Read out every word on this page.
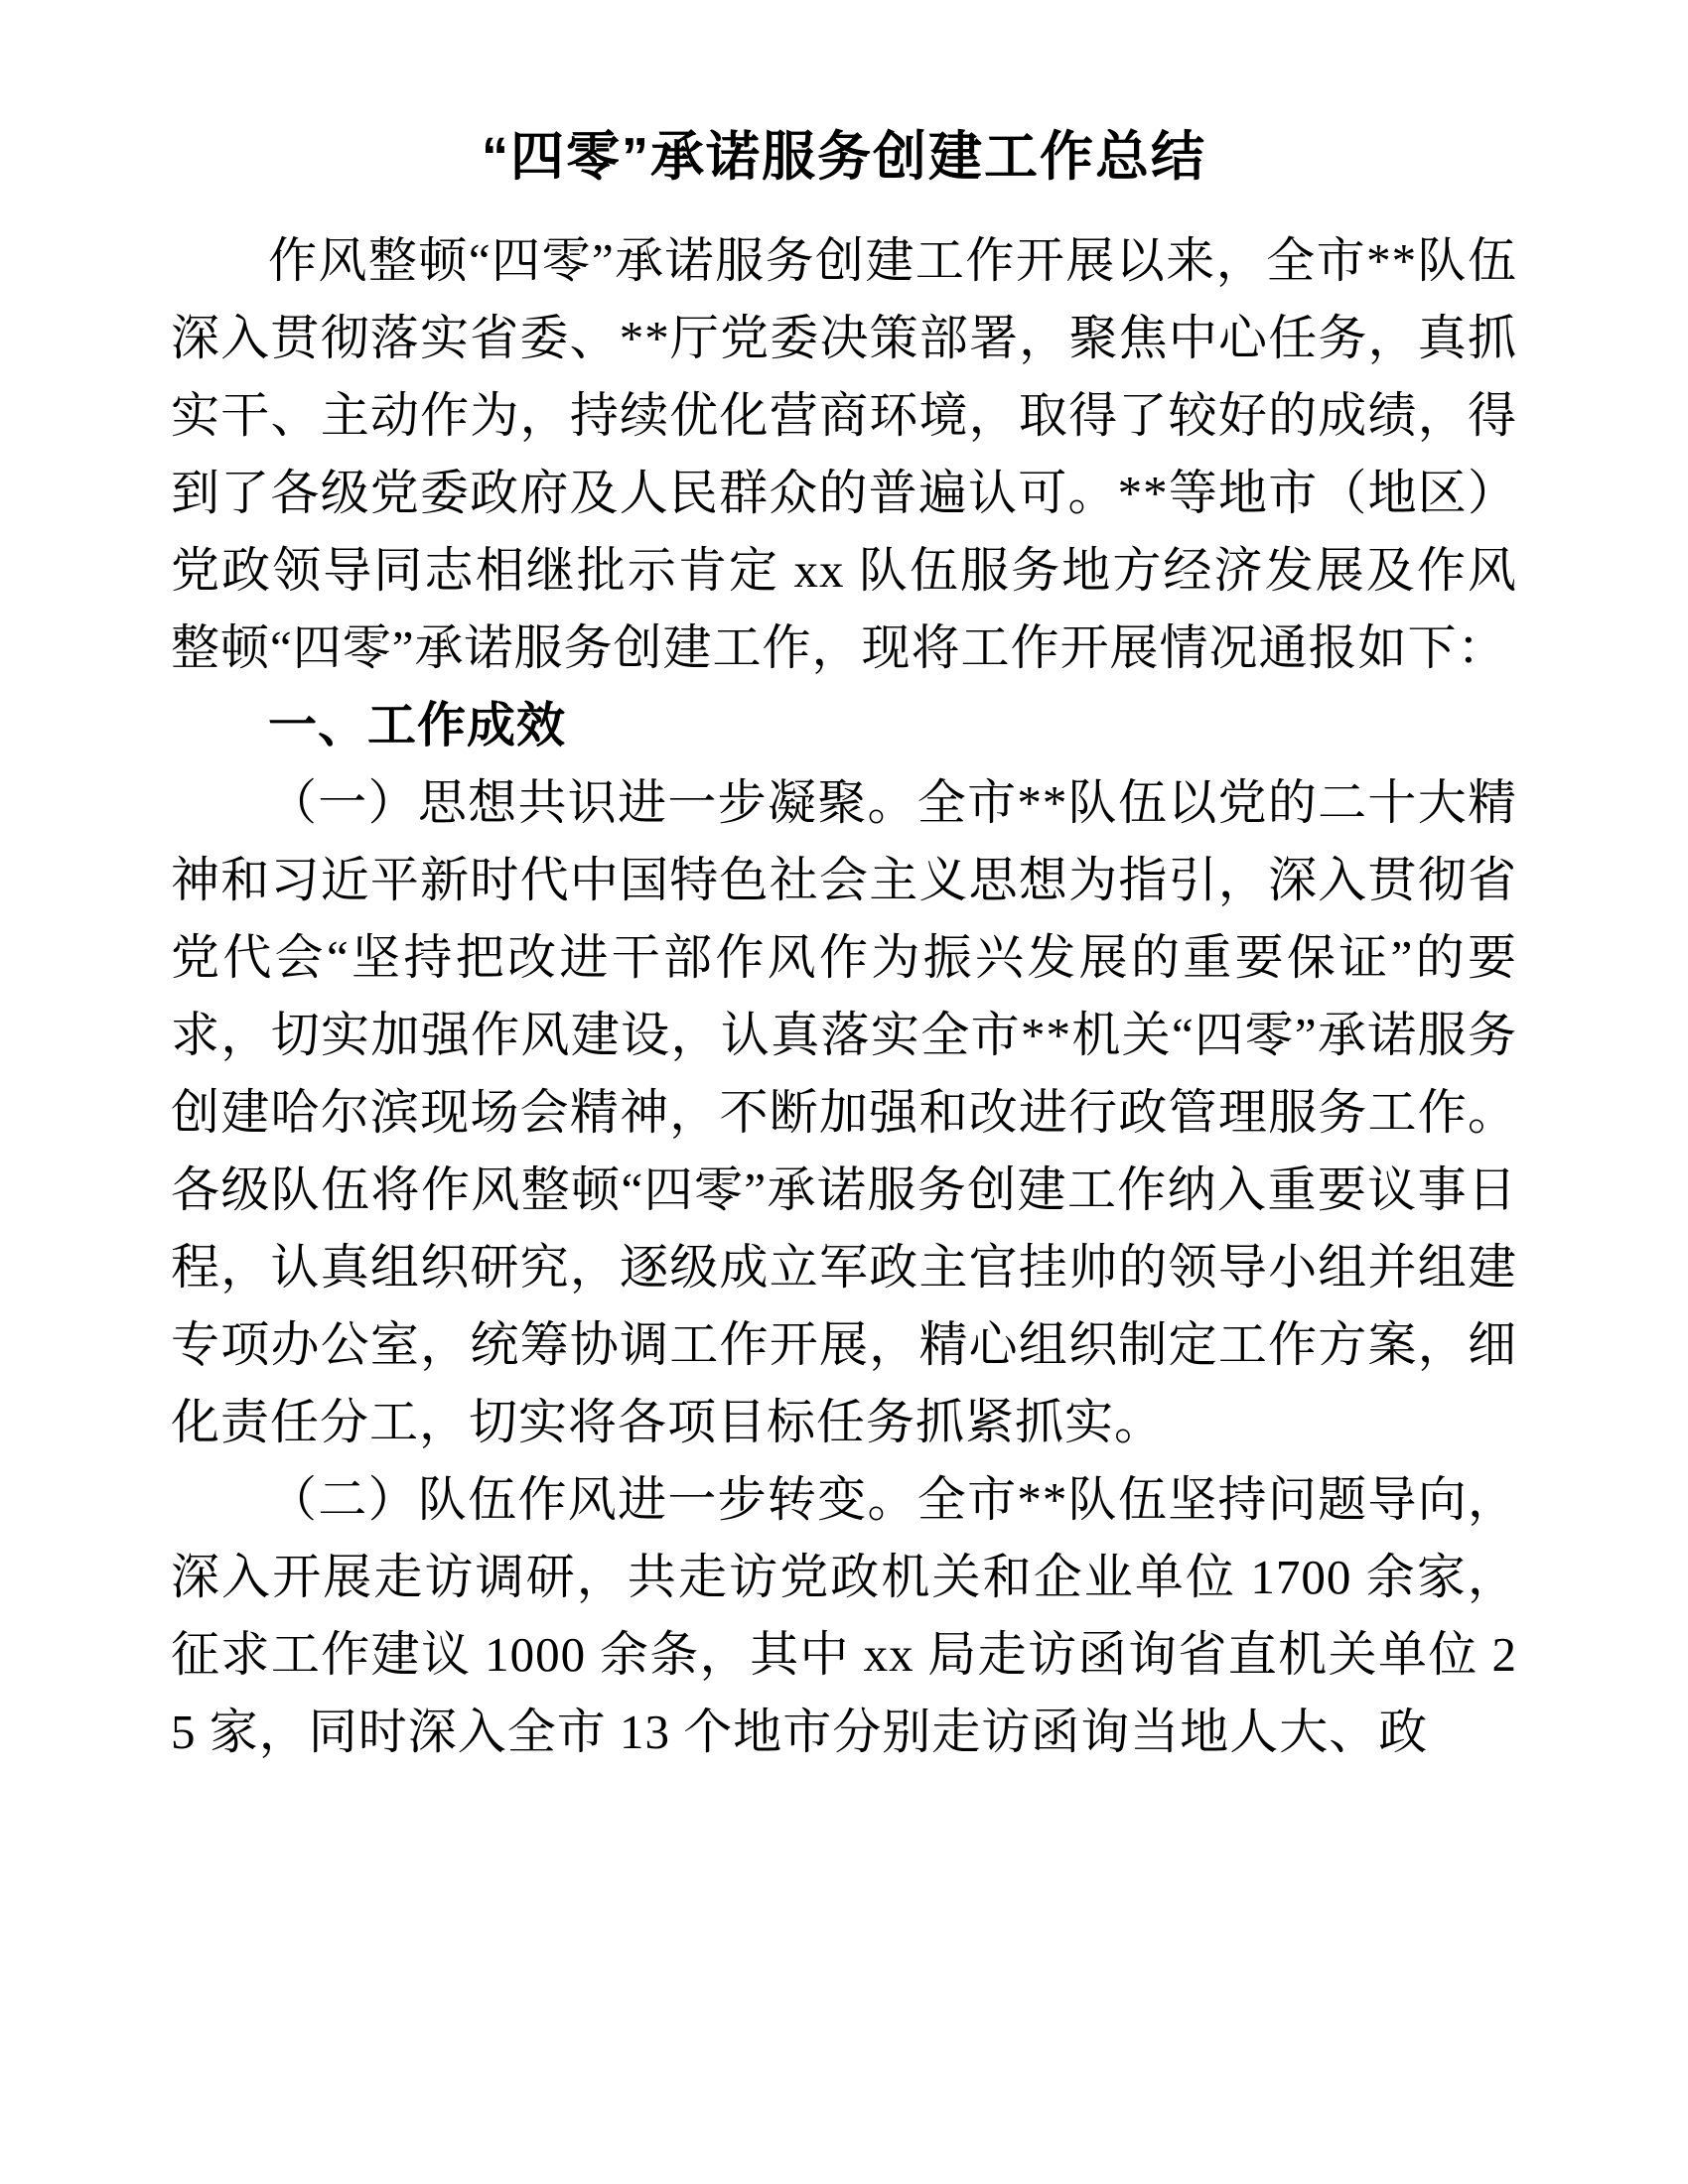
“四零”承诺服务创建工作总结

作风整顿“四零”承诺服务创建工作开展以来，全市**队伍深入贯彻落实省委、**厅党委决策部署，聚焦中心任务，真抓实干、主动作为，持续优化营商环境，取得了较好的成绩，得到了各级党委政府及人民群众的普遍认可。**等地市（地区）党政领导同志相继批示肯定 xx 队伍服务地方经济发展及作风整顿“四零”承诺服务创建工作，现将工作开展情况通报如下：

一、工作成效

（一）思想共识进一步凝聚。全市**队伍以党的二十大精神和习近平新时代中国特色社会主义思想为指引，深入贯彻省党代会“坚持把改进干部作风作为振兴发展的重要保证”的要求，切实加强作风建设，认真落实全市**机关“四零”承诺服务创建哈尔滨现场会精神，不断加强和改进行政管理服务工作。各级队伍将作风整顿“四零”承诺服务创建工作纳入重要议事日程，认真组织研究，逐级成立军政主官挂帅的领导小组并组建专项办公室，统筹协调工作开展，精心组织制定工作方案，细化责任分工，切实将各项目标任务抓紧抓实。

（二）队伍作风进一步转变。全市**队伍坚持问题导向，深入开展走访调研，共走访党政机关和企业单位 1700 余家，征求工作建议 1000 余条，其中 xx 局走访函询省直机关单位 25 家，同时深入全市 13 个地市分别走访函询当地人大、政
